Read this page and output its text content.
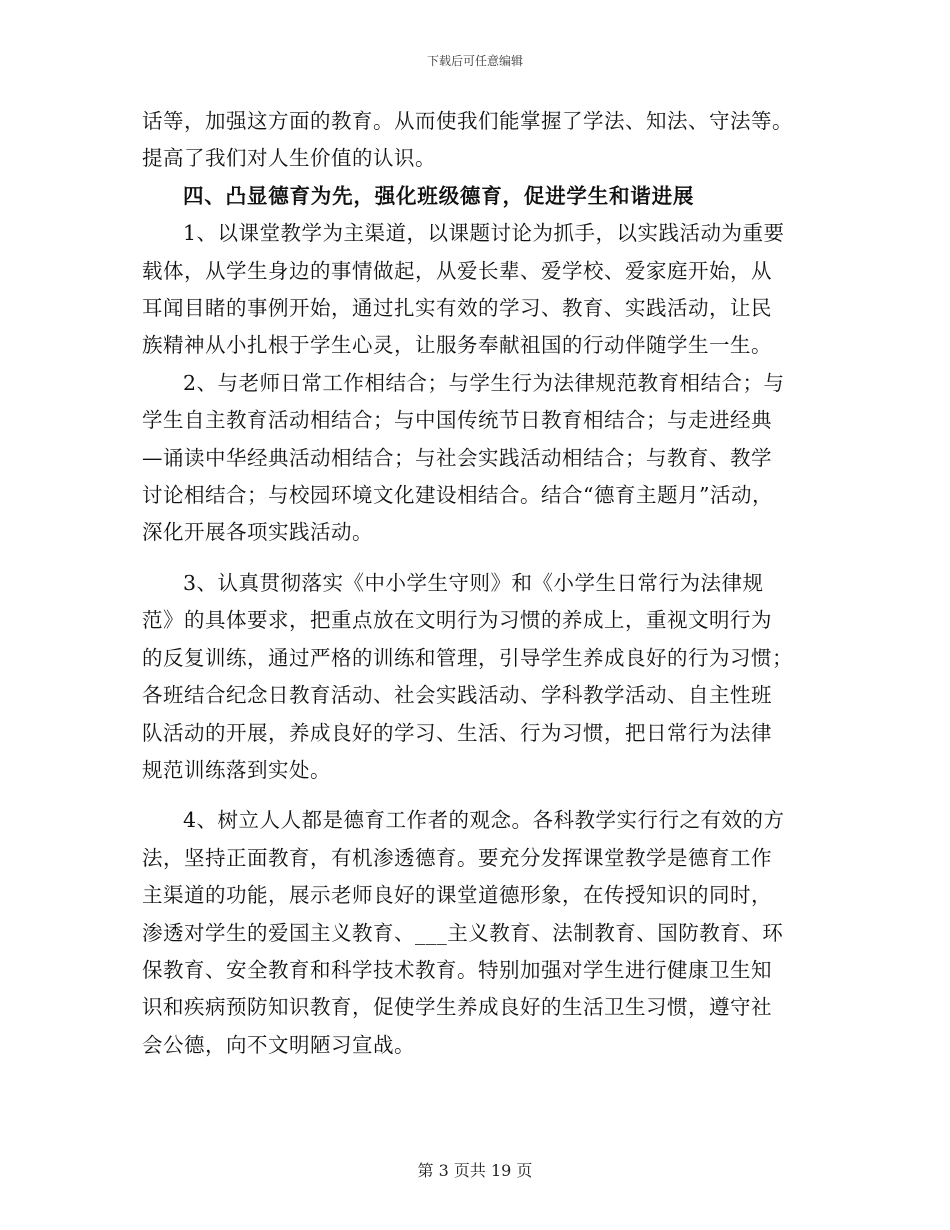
下载后可任意编辑

话等，加强这方面的教育。从而使我们能掌握了学法、知法、守法等。

提高了我们对人生价值的认识。

四、凸显德育为先，强化班级德育，促进学生和谐进展

1、以课堂教学为主渠道，以课题讨论为抓手，以实践活动为重要

载体，从学生身边的事情做起，从爱长辈、爱学校、爱家庭开始，从

耳闻目睹的事例开始，通过扎实有效的学习、教育、实践活动，让民

族精神从小扎根于学生心灵，让服务奉献祖国的行动伴随学生一生。

2、与老师日常工作相结合；与学生行为法律规范教育相结合；与

学生自主教育活动相结合；与中国传统节日教育相结合；与走进经典

—诵读中华经典活动相结合；与社会实践活动相结合；与教育、教学

讨论相结合；与校园环境文化建设相结合。结合“德育主题月”活动，

深化开展各项实践活动。

3、认真贯彻落实《中小学生守则》和《小学生日常行为法律规

范》的具体要求，把重点放在文明行为习惯的养成上，重视文明行为

的反复训练，通过严格的训练和管理，引导学生养成良好的行为习惯；

各班结合纪念日教育活动、社会实践活动、学科教学活动、自主性班

队活动的开展，养成良好的学习、生活、行为习惯，把日常行为法律

规范训练落到实处。

4、树立人人都是德育工作者的观念。各科教学实行行之有效的方

法，坚持正面教育，有机渗透德育。要充分发挥课堂教学是德育工作

主渠道的功能，展示老师良好的课堂道德形象，在传授知识的同时，

渗透对学生的爱国主义教育、___主义教育、法制教育、国防教育、环

保教育、安全教育和科学技术教育。特别加强对学生进行健康卫生知

识和疾病预防知识教育，促使学生养成良好的生活卫生习惯，遵守社

会公德，向不文明陋习宣战。

第 3 页共 19 页
